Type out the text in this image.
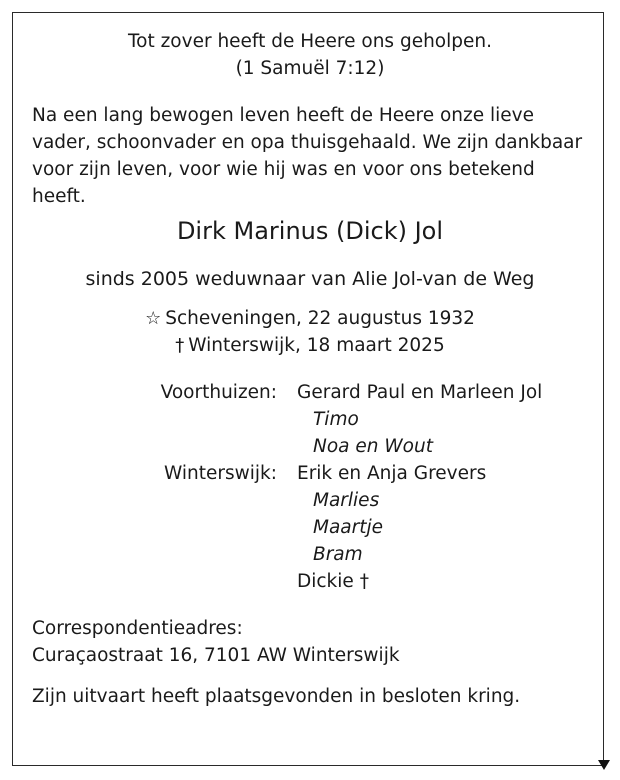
Tot zover heeft de Heere ons geholpen.
(1 Samuël 7:12)
Na een lang bewogen leven heeft de Heere onze lieve
vader, schoonvader en opa thuisgehaald. We zijn dankbaar
voor zijn leven, voor wie hij was en voor ons betekend
heeft.
Dirk Marinus (Dick) Jol
sinds 2005 weduwnaar van Alie Jol-van de Weg
☆ Scheveningen, 22 augustus 1932
† Winterswijk, 18 maart 2025
Voorthuizen:	Gerard Paul en Marleen Jol
	Timo
	Noa en Wout
Winterswijk:	Erik en Anja Grevers
	Marlies
	Maartje
	Bram
	Dickie †
Correspondentieadres:
Curaçaostraat 16, 7101 AW Winterswijk
Zijn uitvaart heeft plaatsgevonden in besloten kring.
